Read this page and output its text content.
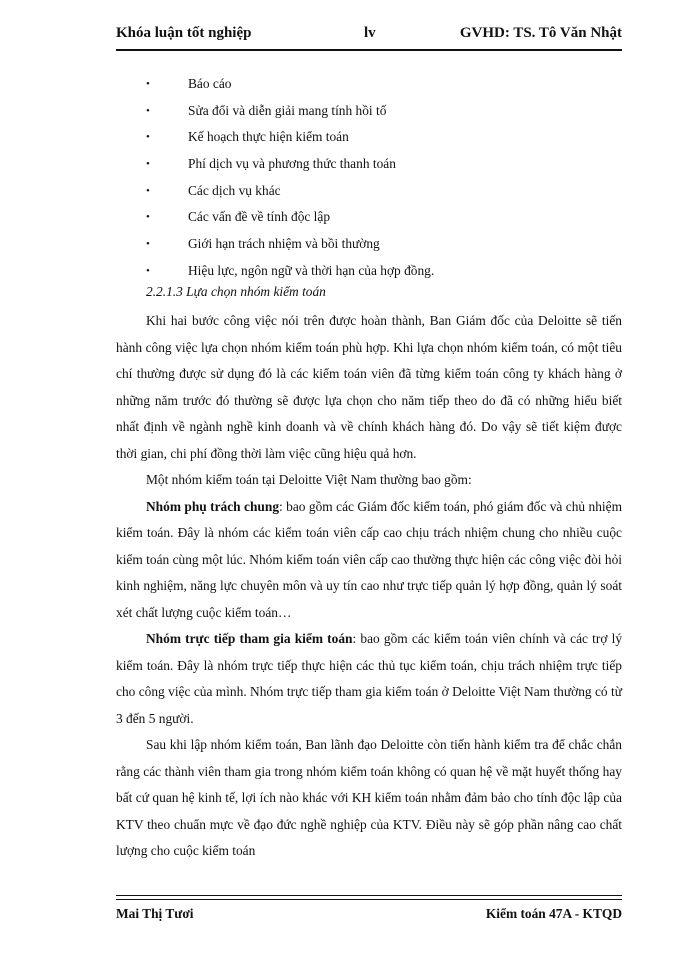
Khóa luận tốt nghiệp	lv	GVHD: TS. Tô Văn Nhật
•	Báo cáo
•	Sửa đổi và diễn giải mang tính hồi tố
•	Kế hoạch thực hiện kiểm toán
•	Phí dịch vụ và phương thức thanh toán
•	Các dịch vụ khác
•	Các vấn đề về tính độc lập
•	Giới hạn trách nhiệm và bồi thường
•	Hiệu lực, ngôn ngữ và thời hạn của hợp đồng.
2.2.1.3 Lựa chọn nhóm kiểm toán

Khi hai bước công việc nói trên được hoàn thành, Ban Giám đốc của Deloitte sẽ tiến hành công việc lựa chọn nhóm kiểm toán phù hợp. Khi lựa chọn nhóm kiểm toán, có một tiêu chí thường được sử dụng đó là các kiểm toán viên đã từng kiểm toán công ty khách hàng ở những năm trước đó thường sẽ được lựa chọn cho năm tiếp theo do đã có những hiểu biết nhất định về ngành nghề kinh doanh và về chính khách hàng đó. Do vậy sẽ tiết kiệm được thời gian, chi phí đồng thời làm việc cũng hiệu quả hơn.

Một nhóm kiểm toán tại Deloitte Việt Nam thường bao gồm:

Nhóm phụ trách chung: bao gồm các Giám đốc kiểm toán, phó giám đốc và chủ nhiệm kiểm toán. Đây là nhóm các kiểm toán viên cấp cao chịu trách nhiệm chung cho nhiều cuộc kiểm toán cùng một lúc. Nhóm kiểm toán viên cấp cao thường thực hiện các công việc đòi hỏi kinh nghiệm, năng lực chuyên môn và uy tín cao như trực tiếp quản lý hợp đồng, quản lý soát xét chất lượng cuộc kiểm toán…

Nhóm trực tiếp tham gia kiểm toán: bao gồm các kiểm toán viên chính và các trợ lý kiểm toán. Đây là nhóm trực tiếp thực hiện các thủ tục kiểm toán, chịu trách nhiệm trực tiếp cho công việc của mình. Nhóm trực tiếp tham gia kiểm toán ở Deloitte Việt Nam thường có từ 3 đến 5 người.

Sau khi lập nhóm kiểm toán, Ban lãnh đạo Deloitte còn tiến hành kiểm tra để chắc chắn rằng các thành viên tham gia trong nhóm kiểm toán không có quan hệ về mặt huyết thống hay bất cứ quan hệ kinh tế, lợi ích nào khác với KH kiểm toán nhằm đảm bảo cho tính độc lập của KTV theo chuẩn mực về đạo đức nghề nghiệp của KTV. Điều này sẽ góp phần nâng cao chất lượng cho cuộc kiểm toán

Mai Thị Tươi	Kiểm toán 47A - KTQD
